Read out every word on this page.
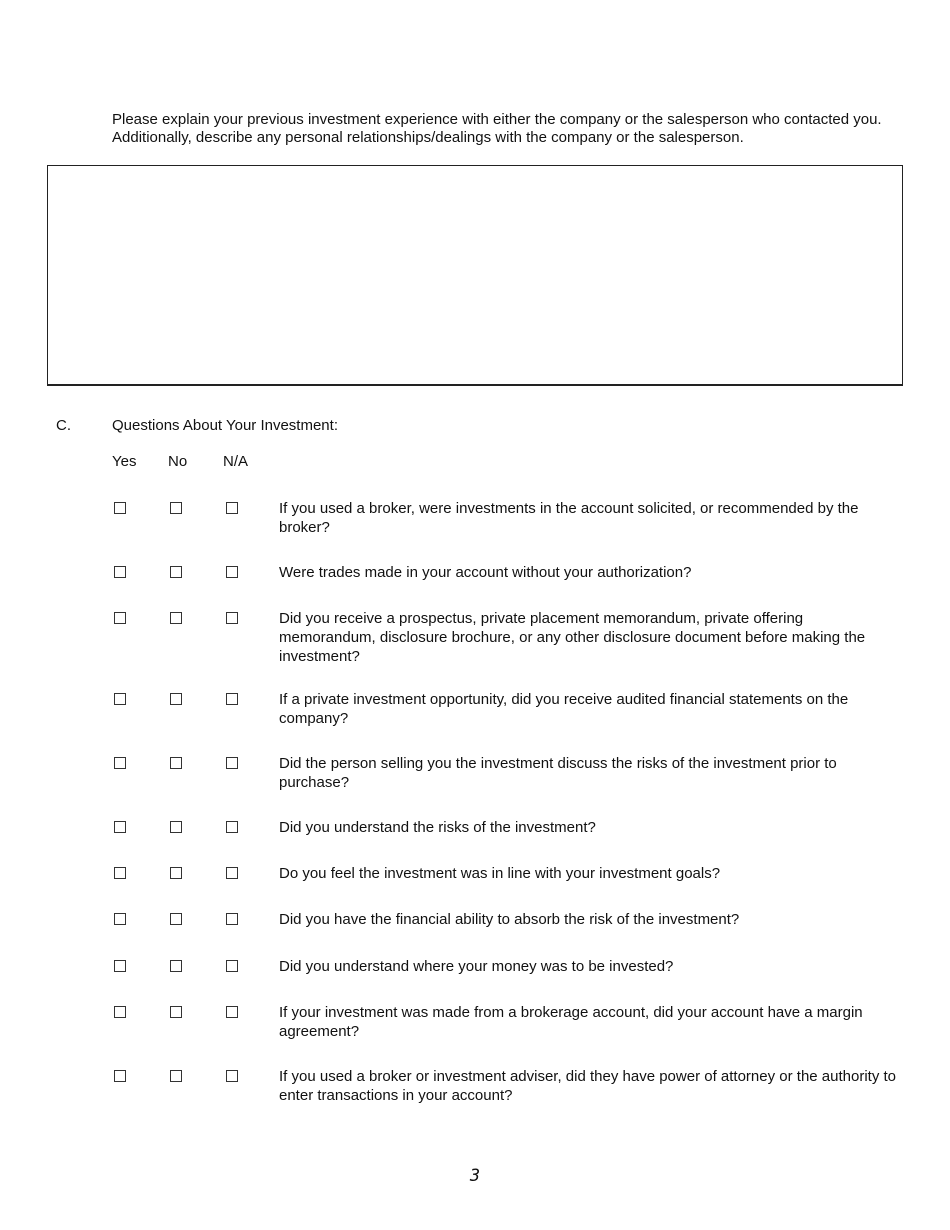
Please explain your previous investment experience with either the company or the salesperson who contacted you.

Additionally, describe any personal relationships/dealings with the company or the salesperson.

C.	Questions About Your Investment:
Yes No N/A
If you used a broker, were investments in the account solicited, or recommended by the broker?
Were trades made in your account without your authorization?
Did you receive a prospectus, private placement memorandum, private offering memorandum, disclosure brochure, or any other disclosure document before making the investment?
If a private investment opportunity, did you receive audited financial statements on the company?
Did the person selling you the investment discuss the risks of the investment prior to purchase?
Did you understand the risks of the investment?
Do you feel the investment was in line with your investment goals?
Did you have the financial ability to absorb the risk of the investment?
Did you understand where your money was to be invested?
If your investment was made from a brokerage account, did your account have a margin agreement?
If you used a broker or investment adviser, did they have power of attorney or the authority to enter transactions in your account?
3
